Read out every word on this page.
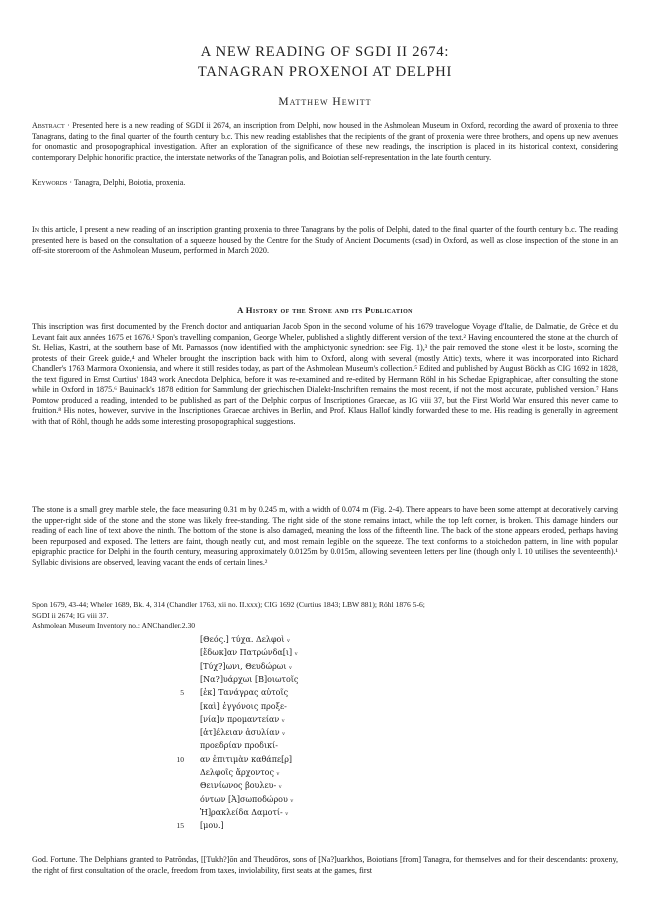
A NEW READING OF SGDI II 2674:
TANAGRAN PROXENOI AT DELPHI
Matthew Hewitt

Abstract · Presented here is a new reading of SGDI ii 2674, an inscription from Delphi, now housed in the Ashmolean Museum in Oxford, recording the award of proxenia to three Tanagrans, dating to the final quarter of the fourth century b.c. This new reading establishes that the recipients of the grant of proxenia were three brothers, and opens up new avenues for onomastic and prosopographical investigation. After an exploration of the significance of these new readings, the inscription is placed in its historical context, considering contemporary Delphic honorific practice, the interstate networks of the Tanagran polis, and Boiotian self-representation in the late fourth century.

Keywords · Tanagra, Delphi, Boiotia, proxenia.

In this article, I present a new reading of an inscription granting proxenia to three Tanagrans by the polis of Delphi, dated to the final quarter of the fourth century b.c. The reading presented here is based on the consultation of a squeeze housed by the Centre for the Study of Ancient Documents (csad) in Oxford, as well as close inspection of the stone in an off-site storeroom of the Ashmolean Museum, performed in March 2020.

A History of the Stone and its Publication

This inscription was first documented by the French doctor and antiquarian Jacob Spon in the second volume of his 1679 travelogue Voyage d'Italie, de Dalmatie, de Grèce et du Levant fait aux années 1675 et 1676.¹ Spon's travelling companion, George Wheler, published a slightly different version of the text.² Having encountered the stone at the church of St. Helias, Kastri, at the southern base of Mt. Parnassos (now identified with the amphictyonic synedrion: see Fig. 1),³ the pair removed the stone «lest it be lost», scorning the protests of their Greek guide,⁴ and Wheler brought the inscription back with him to Oxford, along with several (mostly Attic) texts, where it was incorporated into Richard Chandler's 1763 Marmora Oxoniensia, and where it still resides today, as part of the Ashmolean Museum's collection.⁵ Edited and published by August Böckh as CIG 1692 in 1828, the text figured in Ernst Curtius' 1843 work Anecdota Delphica, before it was re-examined and re-edited by Hermann Röhl in his Schedae Epigraphicae, after consulting the stone while in Oxford in 1875.⁶ Bauinack's 1878 edition for Sammlung der griechischen Dialekt-Inschriften remains the most recent, if not the most accurate, published version.⁷ Hans Pomtow produced a reading, intended to be published as part of the Delphic corpus of Inscriptiones Graecae, as IG viii 37, but the First World War ensured this never came to fruition.⁸ His notes, however, survive in the Inscriptiones Graecae archives in Berlin, and Prof. Klaus Hallof kindly forwarded these to me. His reading is generally in agreement with that of Röhl, though he adds some interesting prosopographical suggestions.

The stone is a small grey marble stele, the face measuring 0.31 m by 0.245 m, with a width of 0.074 m (Fig. 2-4). There appears to have been some attempt at decoratively carving the upper-right side of the stone and the stone was likely free-standing. The right side of the stone remains intact, while the top left corner, is broken. This damage hinders our reading of each line of text above the ninth. The bottom of the stone is also damaged, meaning the loss of the fifteenth line. The back of the stone appears eroded, perhaps having been repurposed and exposed. The letters are faint, though neatly cut, and most remain legible on the squeeze. The text conforms to a stoichedon pattern, in line with popular epigraphic practice for Delphi in the fourth century, measuring approximately 0.0125m by 0.015m, allowing seventeen letters per line (though only l. 10 utilises the seventeenth).¹ Syllabic divisions are observed, leaving vacant the ends of certain lines.²

Spon 1679, 43-44; Wheler 1689, Bk. 4, 314 (Chandler 1763, xii no. II.xxx); CIG 1692 (Curtius 1843; LBW 881); Röhl 1876 5-6;
SGDI ii 2674; IG viii 37.

Ashmolean Museum Inventory no.: ANChandler.2.30

[Θεός.] τύχα. Δελφοὶ ᵥ
[ἔδωκ]αν Πατρώνδα[ι] ᵥ
[Τύχ?]ωνι, Θευδώρωι ᵥ
[Να?]υάρχωι [Β]οιωτοῖς
[ἐκ] Τανάγρας αὐτοῖς
5
[καὶ] ἐγγόνοις προξε-
[νία]ν προμαντείαν ᵥ
[ἀτ]έλειαν ἀσυλίαν ᵥ
προεδρίαν προδικί-
αν ἐπιτιμὰν καθάπε[ρ]
10
Δελφοῖς ἄρχοντος ᵥ
Θεινίωνος βουλευ- ᵥ
όντων [Ἀ]σωποδώρου ᵥ
Ἡ]ρακλείδα Δαμοτί- ᵥ
[μου.]
15

God. Fortune. The Delphians granted to Patrōndas, [[Tukh?]ōn and Theudōros, sons of [Na?]uarkhos, Boiotians [from] Tanagra, for themselves and for their descendants: proxeny, the right of first consultation of the oracle, freedom from taxes, inviolability, first seats at the games, first
